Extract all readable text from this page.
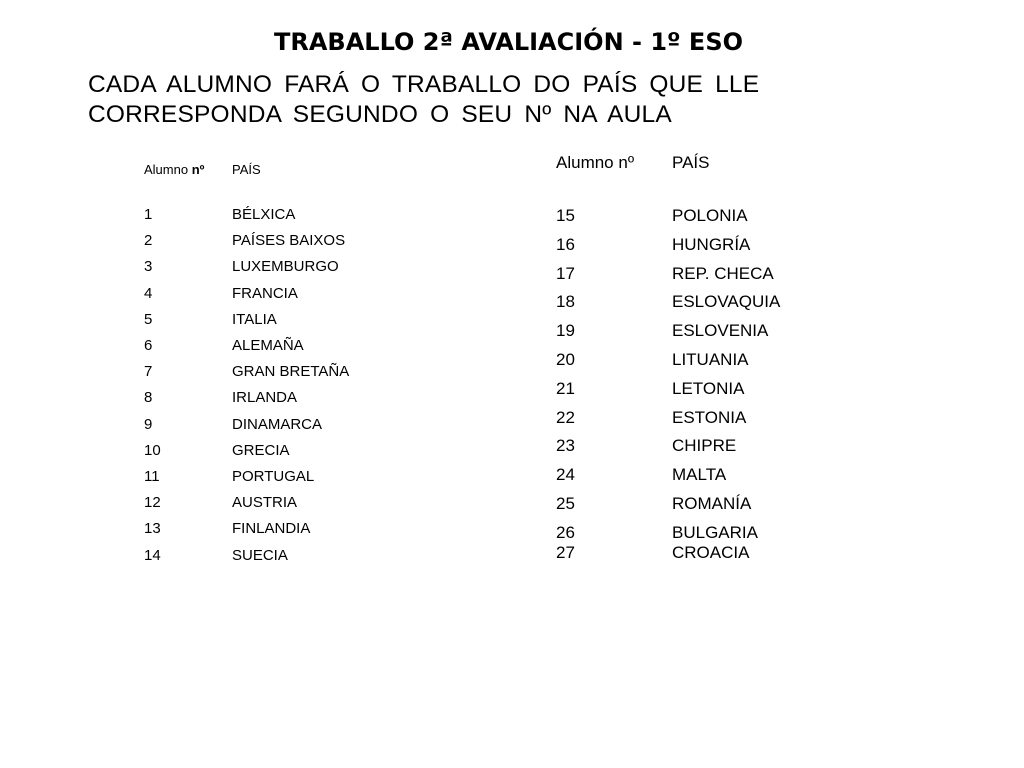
TRABALLO 2ª AVALIACIÓN - 1º ESO

CADA ALUMNO FARÁ O TRABALLO DO PAÍS QUE LLE CORRESPONDA SEGUNDO O SEU Nº NA AULA

Alumno nº PAÍS
1	BÉLXICA
2	PAÍSES BAIXOS
3	LUXEMBURGO
4	FRANCIA
5	ITALIA
6	ALEMAÑA
7	GRAN BRETAÑA
8	IRLANDA
9	DINAMARCA
10	GRECIA
11	PORTUGAL
12	AUSTRIA
13	FINLANDIA
14	SUECIA
Alumno nº PAÍS
15	POLONIA
16	HUNGRÍA
17	REP. CHECA
18	ESLOVAQUIA
19	ESLOVENIA
20	LITUANIA
21	LETONIA
22	ESTONIA
23	CHIPRE
24	MALTA
25	ROMANÍA
26	BULGARIA
27	CROACIA
